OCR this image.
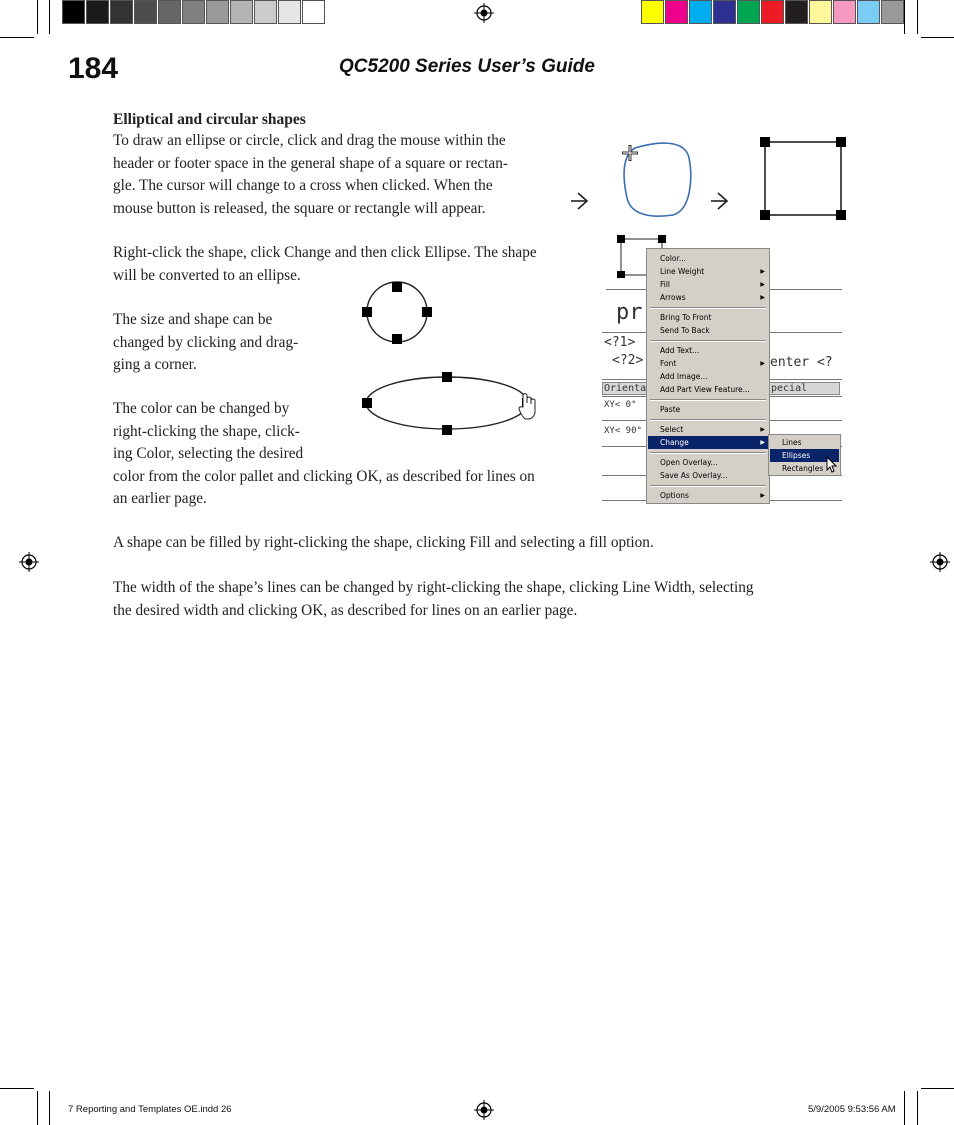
184	QC5200 Series User’s Guide
Elliptical and circular shapes
To draw an ellipse or circle, click and drag the mouse within the
header or footer space in the general shape of a square or rectan-
gle. The cursor will change to a cross when clicked. When the
mouse button is released, the square or rectangle will appear.
Right-click the shape, click Change and then click Ellipse. The shape
will be converted to an ellipse.
The size and shape can be
changed by clicking and drag-
ging a corner.
The color can be changed by
right-clicking the shape, click-
ing Color, selecting the desired
color from the color pallet and clicking OK, as described for lines on
an earlier page.
A shape can be filled by right-clicking the shape, clicking Fill and selecting a fill option.
The width of the shape’s lines can be changed by right-clicking the shape, clicking Line Width, selecting
the desired width and clicking OK, as described for lines on an earlier page.
pr
<?1>
<?2>	enter <?
Orienta	pecial
XY< 0°
XY< 90°
Color...
Line Weight	▶
Fill	▶
Arrows	▶
Bring To Front
Send To Back
Add Text...
Font	▶
Add Image...
Add Part View Feature...
Paste
Select	▶
Change	▶
Open Overlay...
Save As Overlay...
Options	▶
Lines
Ellipses
Rectangles
7 Reporting and Templates OE.indd 26	5/9/2005 9:53:56 AM
